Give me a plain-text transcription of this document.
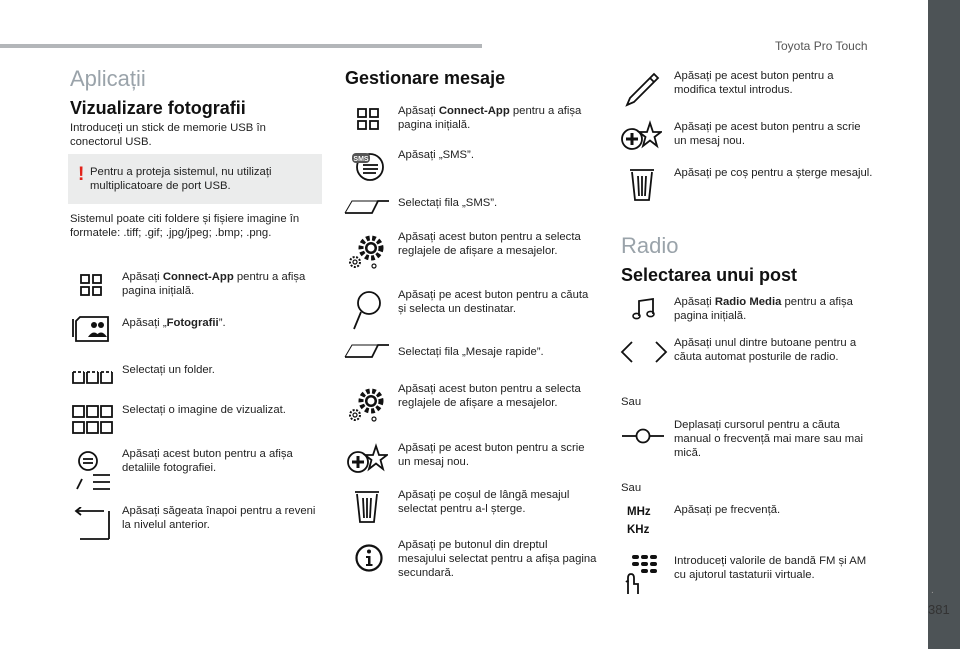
Toyota Pro Touch
.
381
Aplicații
Vizualizare fotografii
Introduceți un stick de memorie USB în conectorul USB.
! Pentru a proteja sistemul, nu utilizați multiplicatoare de port USB.
Sistemul poate citi foldere și fișiere imagine în formatele: .tiff; .gif; .jpg/jpeg; .bmp; .png.
Apăsați Connect-App pentru a afișa pagina inițială.
Apăsați „Fotografii”.
Selectați un folder.
Selectați o imagine de vizualizat.
Apăsați acest buton pentru a afișa detaliile fotografiei.
Apăsați săgeata înapoi pentru a reveni la nivelul anterior.
Gestionare mesaje
SMS
Apăsați Connect-App pentru a afișa pagina inițială.
Apăsați „SMS”.
Selectați fila „SMS”.
Apăsați acest buton pentru a selecta reglajele de afișare a mesajelor.
Apăsați pe acest buton pentru a căuta și selecta un destinatar.
Selectați fila „Mesaje rapide”.
Apăsați acest buton pentru a selecta reglajele de afișare a mesajelor.
Apăsați pe acest buton pentru a scrie un mesaj nou.
Apăsați pe coșul de lângă mesajul selectat pentru a-l șterge.
Apăsați pe butonul din dreptul mesajului selectat pentru a afișa pagina secundară.
Apăsați pe acest buton pentru a modifica textul introdus.
Apăsați pe acest buton pentru a scrie un mesaj nou.
Apăsați pe coș pentru a șterge mesajul.
Radio
Selectarea unui post
Apăsați Radio Media pentru a afișa pagina inițială.
Apăsați unul dintre butoane pentru a căuta automat posturile de radio.
Sau
Deplasați cursorul pentru a căuta manual o frecvență mai mare sau mai mică.
Sau
MHz
KHz
Apăsați pe frecvență.
Introduceți valorile de bandă FM și AM cu ajutorul tastaturii virtuale.
